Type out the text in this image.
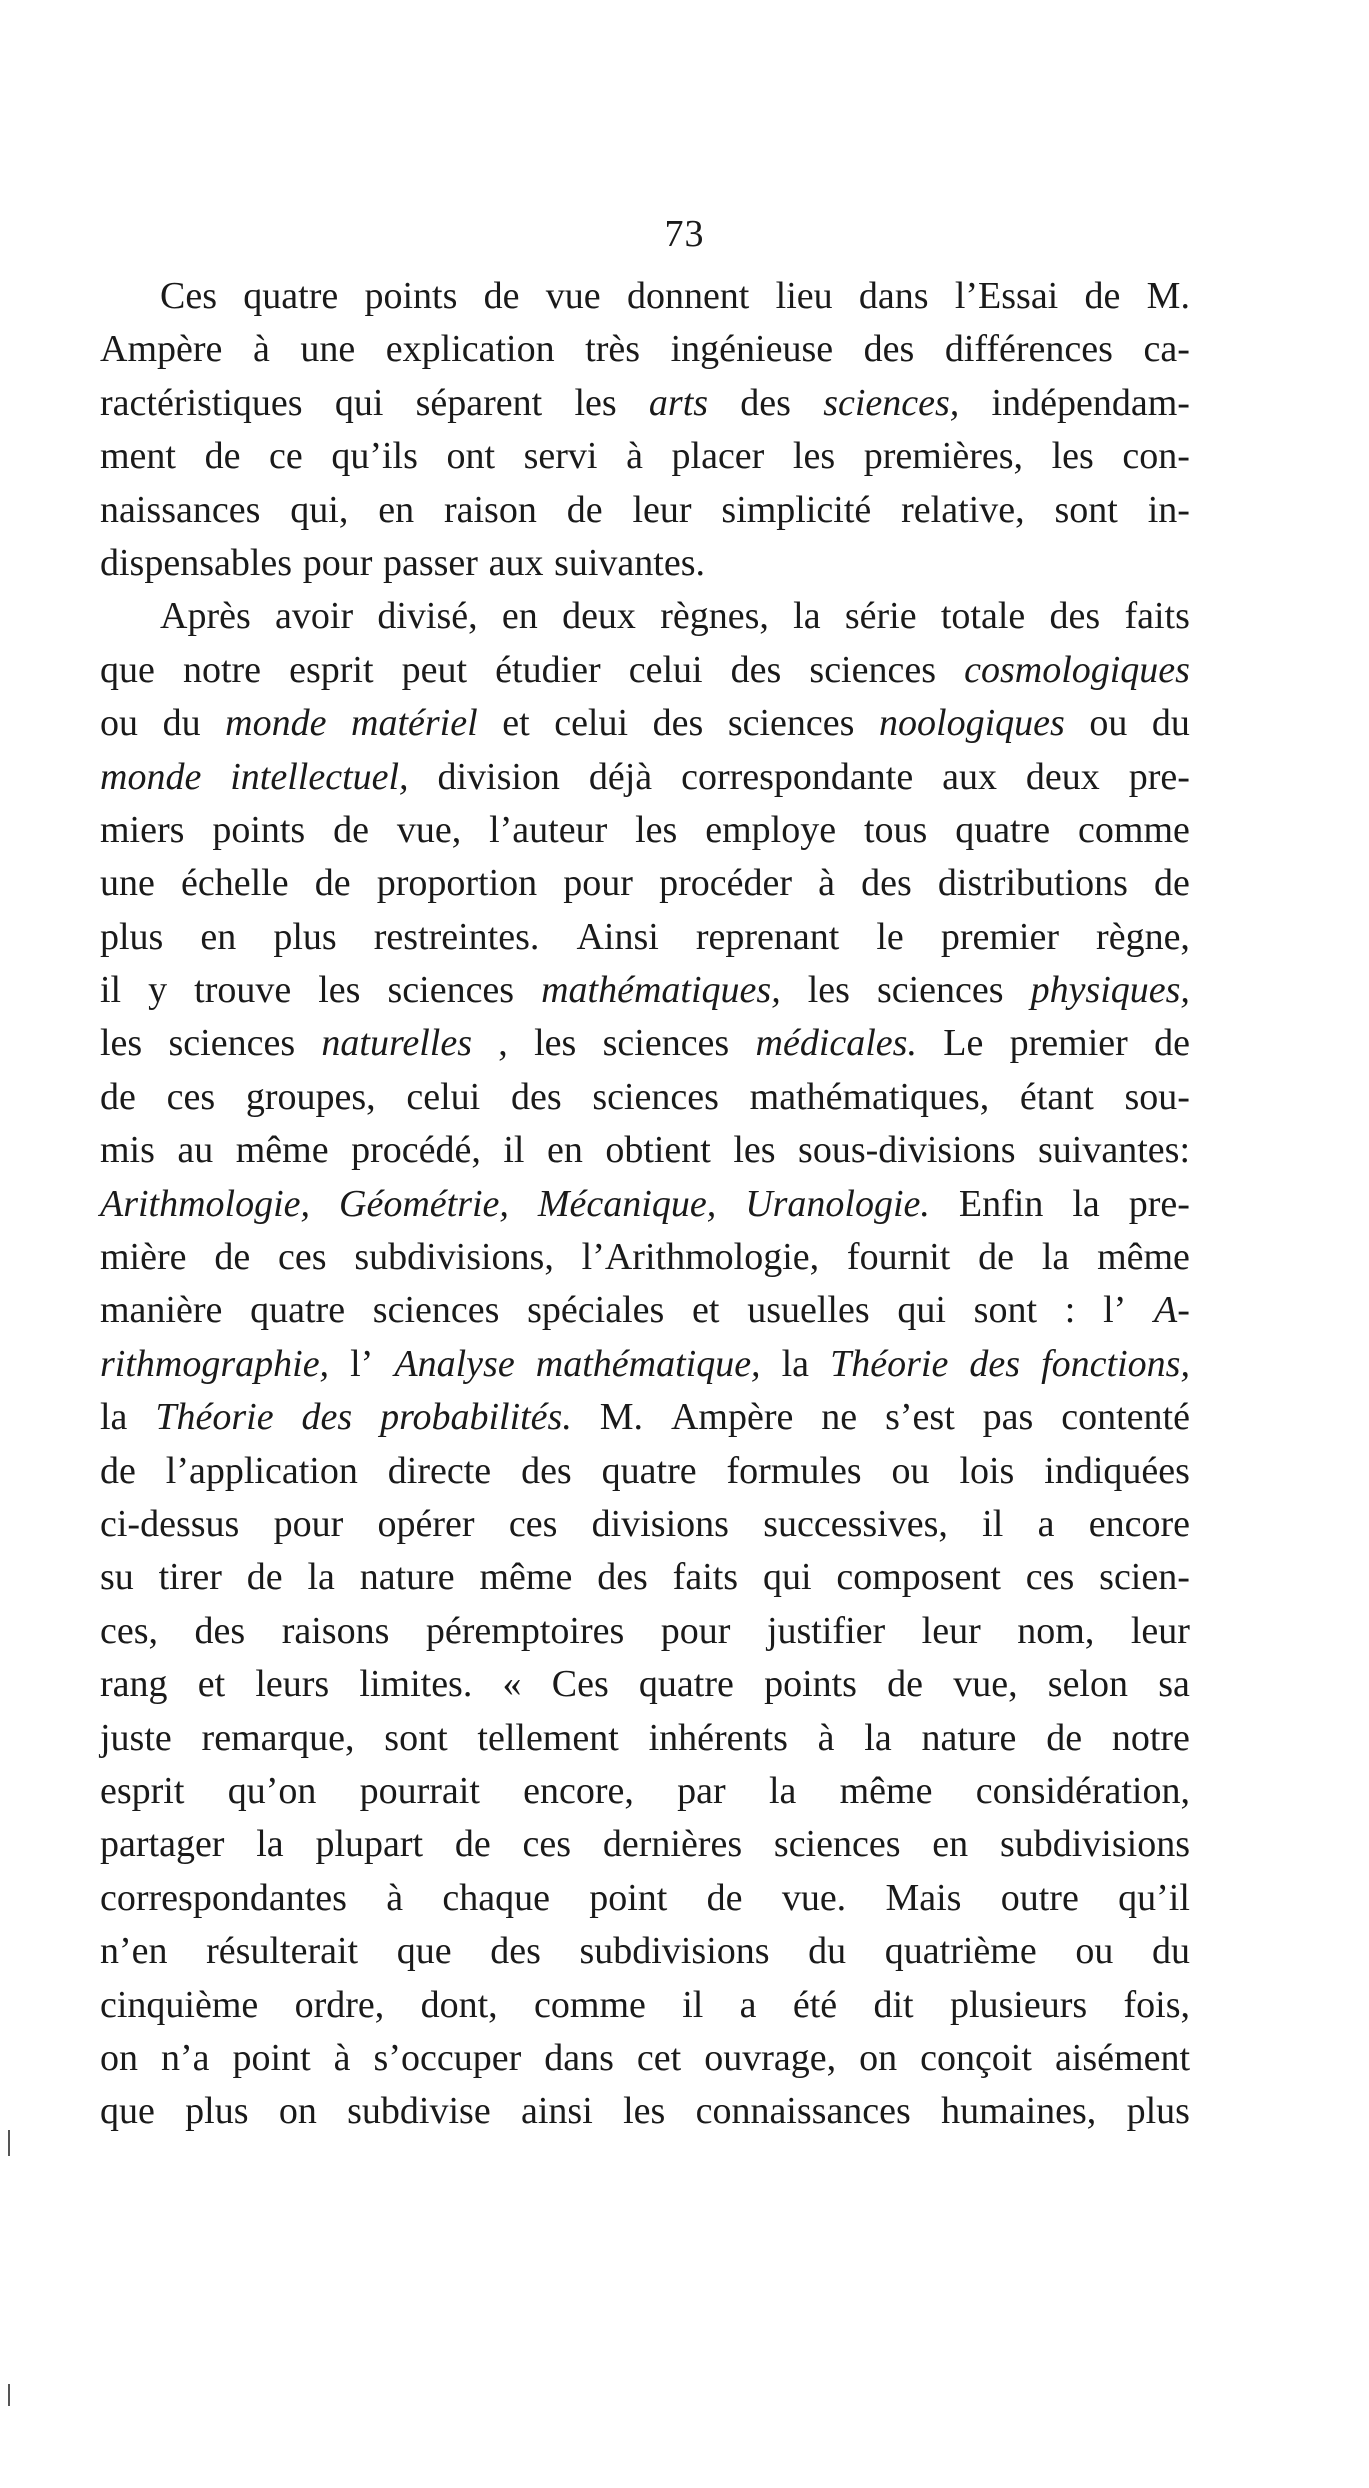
73
Ces quatre points de vue donnent lieu dans l’Essai de M.
Ampère à une explication très ingénieuse des différences ca-
ractéristiques qui séparent les arts des sciences, indépendam-
ment de ce qu’ils ont servi à placer les premières, les con-
naissances qui, en raison de leur simplicité relative, sont in-
dispensables pour passer aux suivantes.
Après avoir divisé, en deux règnes, la série totale des faits
que notre esprit peut étudier celui des sciences cosmologiques
ou du monde matériel et celui des sciences noologiques ou du
monde intellectuel, division déjà correspondante aux deux pre-
miers points de vue, l’auteur les employe tous quatre comme
une échelle de proportion pour procéder à des distributions de
plus en plus restreintes. Ainsi reprenant le premier règne,
il y trouve les sciences mathématiques, les sciences physiques,
les sciences naturelles , les sciences médicales. Le premier de
de ces groupes, celui des sciences mathématiques, étant sou-
mis au même procédé, il en obtient les sous-divisions suivantes:
Arithmologie, Géométrie, Mécanique, Uranologie. Enfin la pre-
mière de ces subdivisions, l’Arithmologie, fournit de la même
manière quatre sciences spéciales et usuelles qui sont : l’ A-
rithmographie, l’ Analyse mathématique, la Théorie des fonctions,
la Théorie des probabilités. M. Ampère ne s’est pas contenté
de l’application directe des quatre formules ou lois indiquées
ci-dessus pour opérer ces divisions successives, il a encore
su tirer de la nature même des faits qui composent ces scien-
ces, des raisons péremptoires pour justifier leur nom, leur
rang et leurs limites. « Ces quatre points de vue, selon sa
juste remarque, sont tellement inhérents à la nature de notre
esprit qu’on pourrait encore, par la même considération,
partager la plupart de ces dernières sciences en subdivisions
correspondantes à chaque point de vue. Mais outre qu’il
n’en résulterait que des subdivisions du quatrième ou du
cinquième ordre, dont, comme il a été dit plusieurs fois,
on n’a point à s’occuper dans cet ouvrage, on conçoit aisément
que plus on subdivise ainsi les connaissances humaines, plus
